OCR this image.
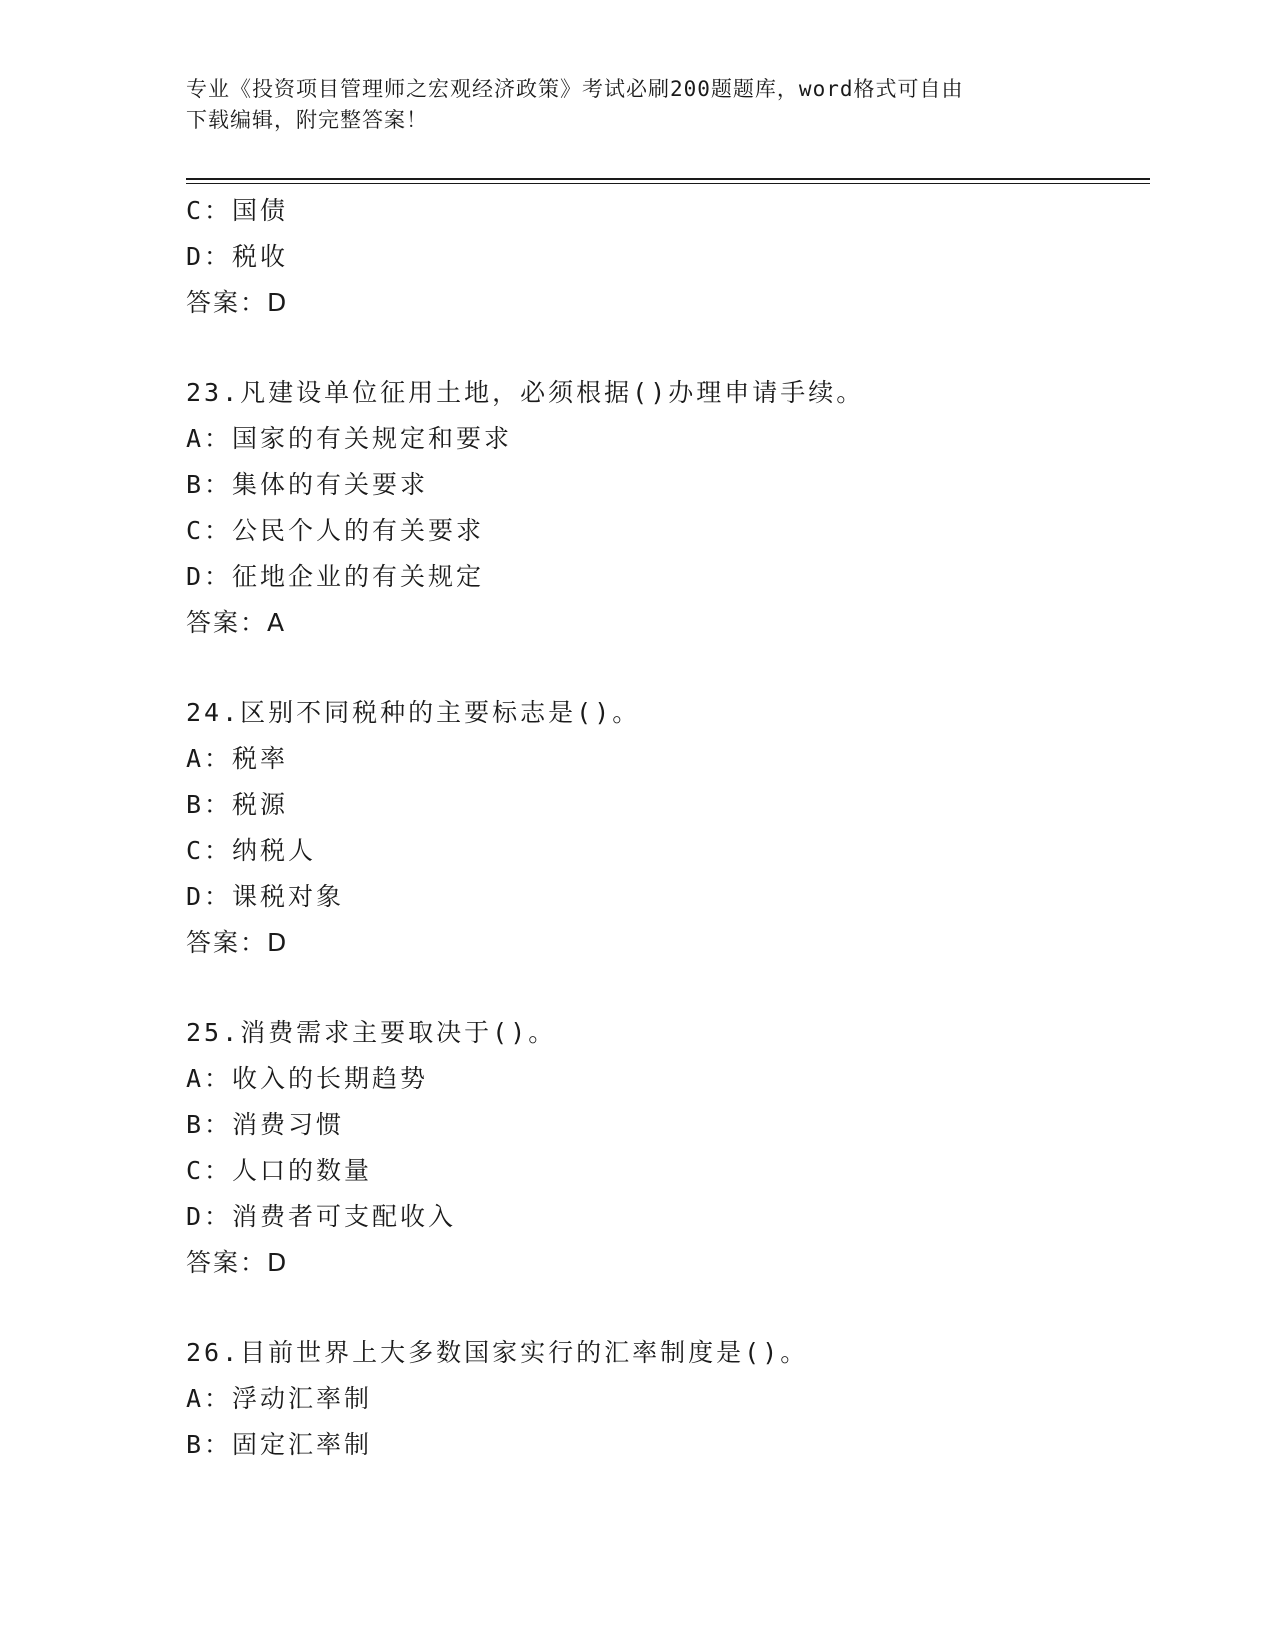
专业《投资项目管理师之宏观经济政策》考试必刷200题题库，word格式可自由
下载编辑，附完整答案！
C：国债
D：税收
答案：D
23.凡建设单位征用土地，必须根据()办理申请手续。
A：国家的有关规定和要求
B：集体的有关要求
C：公民个人的有关要求
D：征地企业的有关规定
答案：A
24.区别不同税种的主要标志是()。
A：税率
B：税源
C：纳税人
D：课税对象
答案：D
25.消费需求主要取决于()。
A：收入的长期趋势
B：消费习惯
C：人口的数量
D：消费者可支配收入
答案：D
26.目前世界上大多数国家实行的汇率制度是()。
A：浮动汇率制
B：固定汇率制
